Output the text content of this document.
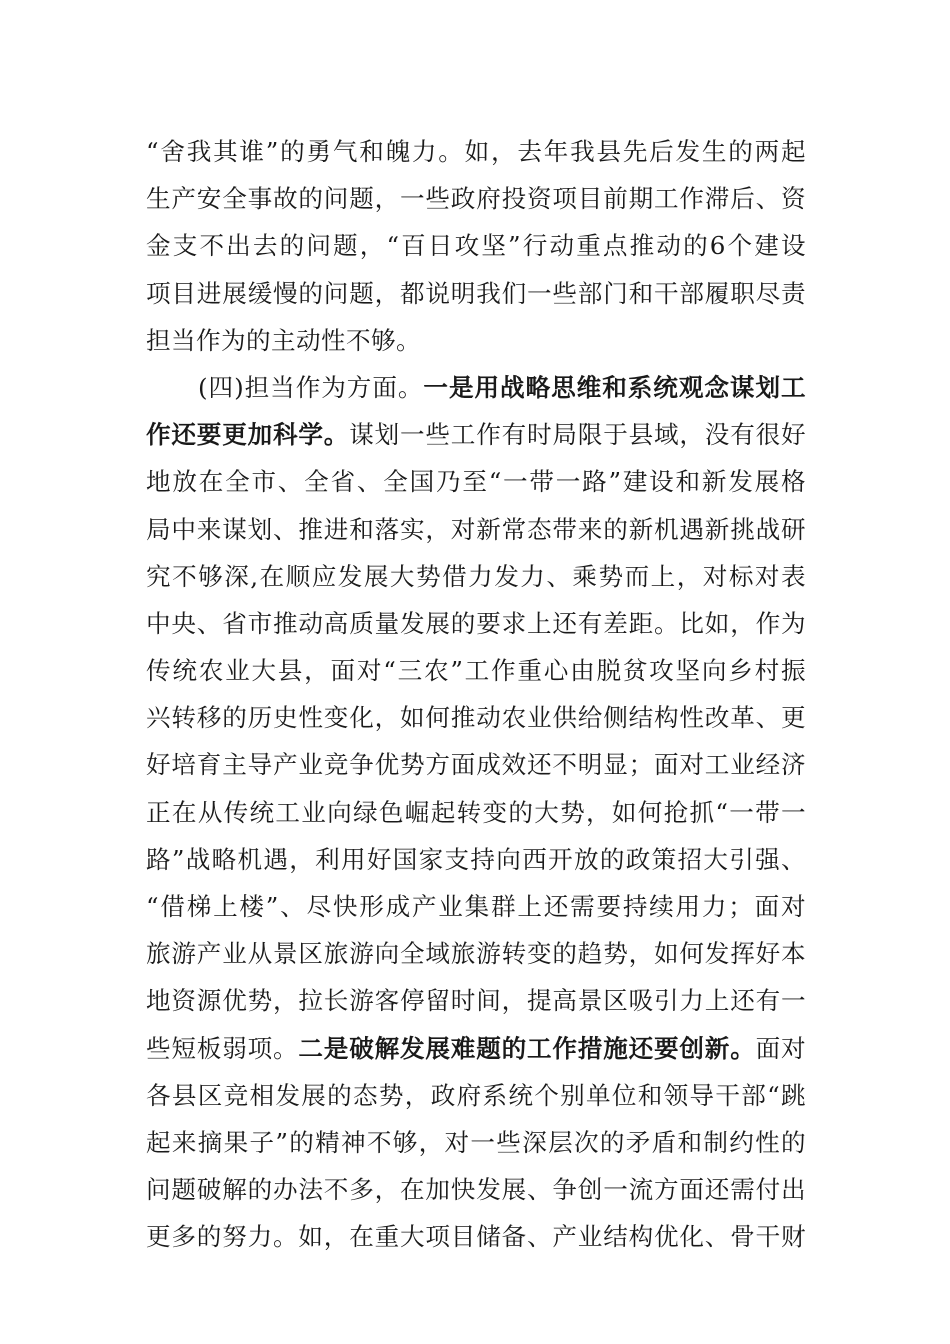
“舍我其谁”的勇气和魄力。如，去年我县先后发生的两起
生产安全事故的问题，一些政府投资项目前期工作滞后、资
金支不出去的问题，“百日攻坚”行动重点推动的6个建设
项目进展缓慢的问题，都说明我们一些部门和干部履职尽责
担当作为的主动性不够。
(四)担当作为方面。一是用战略思维和系统观念谋划工
作还要更加科学。谋划一些工作有时局限于县域，没有很好
地放在全市、全省、全国乃至“一带一路”建设和新发展格
局中来谋划、推进和落实，对新常态带来的新机遇新挑战研
究不够深,在顺应发展大势借力发力、乘势而上，对标对表
中央、省市推动高质量发展的要求上还有差距。比如，作为
传统农业大县，面对“三农”工作重心由脱贫攻坚向乡村振
兴转移的历史性变化，如何推动农业供给侧结构性改革、更
好培育主导产业竞争优势方面成效还不明显；面对工业经济
正在从传统工业向绿色崛起转变的大势，如何抢抓“一带一
路”战略机遇，利用好国家支持向西开放的政策招大引强、
“借梯上楼”、尽快形成产业集群上还需要持续用力；面对
旅游产业从景区旅游向全域旅游转变的趋势，如何发挥好本
地资源优势，拉长游客停留时间，提高景区吸引力上还有一
些短板弱项。二是破解发展难题的工作措施还要创新。面对
各县区竞相发展的态势，政府系统个别单位和领导干部“跳
起来摘果子”的精神不够，对一些深层次的矛盾和制约性的
问题破解的办法不多，在加快发展、争创一流方面还需付出
更多的努力。如，在重大项目储备、产业结构优化、骨干财
